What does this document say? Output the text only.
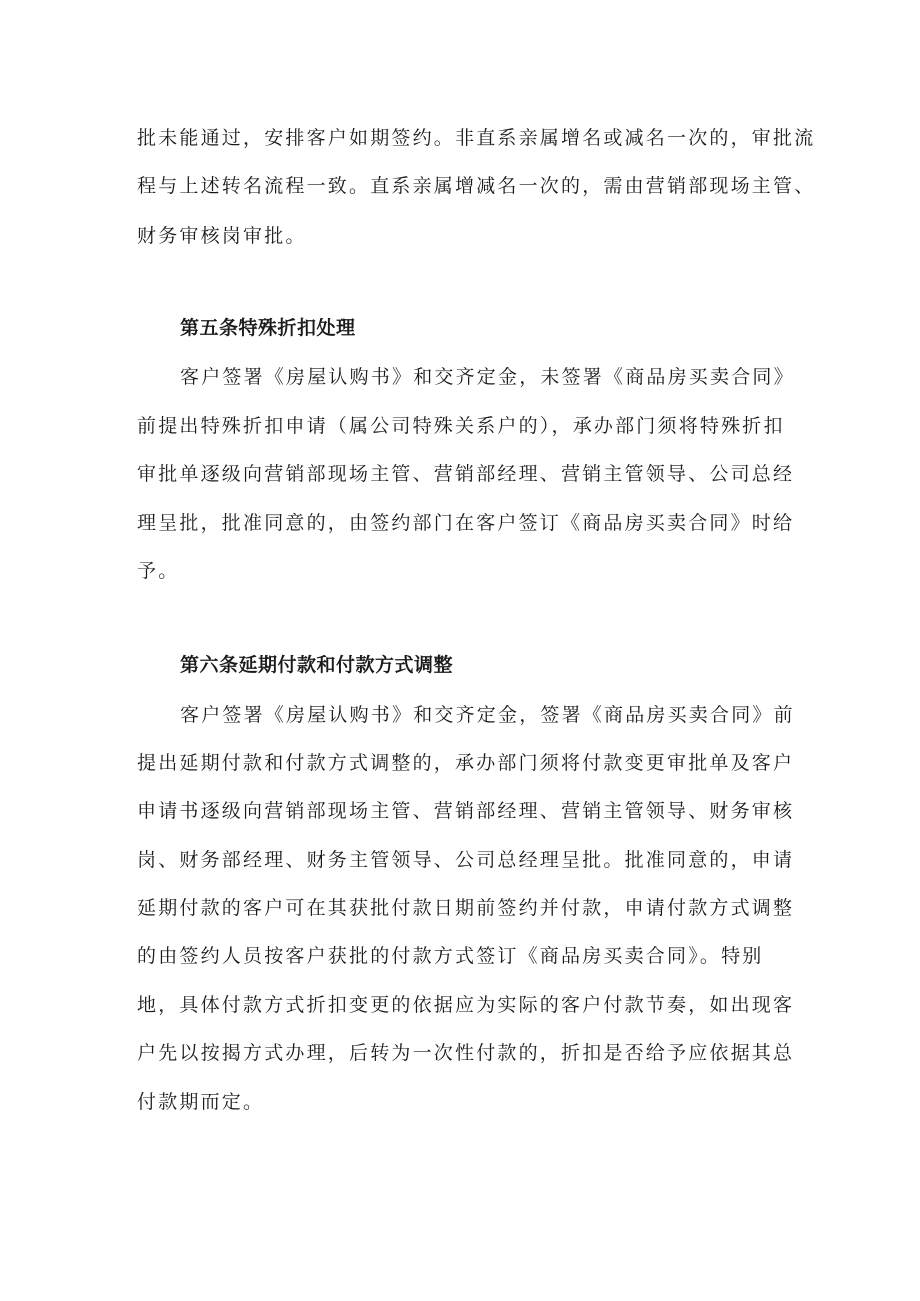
批未能通过，安排客户如期签约。非直系亲属增名或减名一次的，审批流
程与上述转名流程一致。直系亲属增减名一次的，需由营销部现场主管、
财务审核岗审批。
第五条特殊折扣处理
客户签署《房屋认购书》和交齐定金，未签署《商品房买卖合同》
前提出特殊折扣申请（属公司特殊关系户的），承办部门须将特殊折扣
审批单逐级向营销部现场主管、营销部经理、营销主管领导、公司总经
理呈批，批准同意的，由签约部门在客户签订《商品房买卖合同》时给
予。
第六条延期付款和付款方式调整
客户签署《房屋认购书》和交齐定金，签署《商品房买卖合同》前
提出延期付款和付款方式调整的，承办部门须将付款变更审批单及客户
申请书逐级向营销部现场主管、营销部经理、营销主管领导、财务审核
岗、财务部经理、财务主管领导、公司总经理呈批。批准同意的，申请
延期付款的客户可在其获批付款日期前签约并付款，申请付款方式调整
的由签约人员按客户获批的付款方式签订《商品房买卖合同》。特别
地，具体付款方式折扣变更的依据应为实际的客户付款节奏，如出现客
户先以按揭方式办理，后转为一次性付款的，折扣是否给予应依据其总
付款期而定。
